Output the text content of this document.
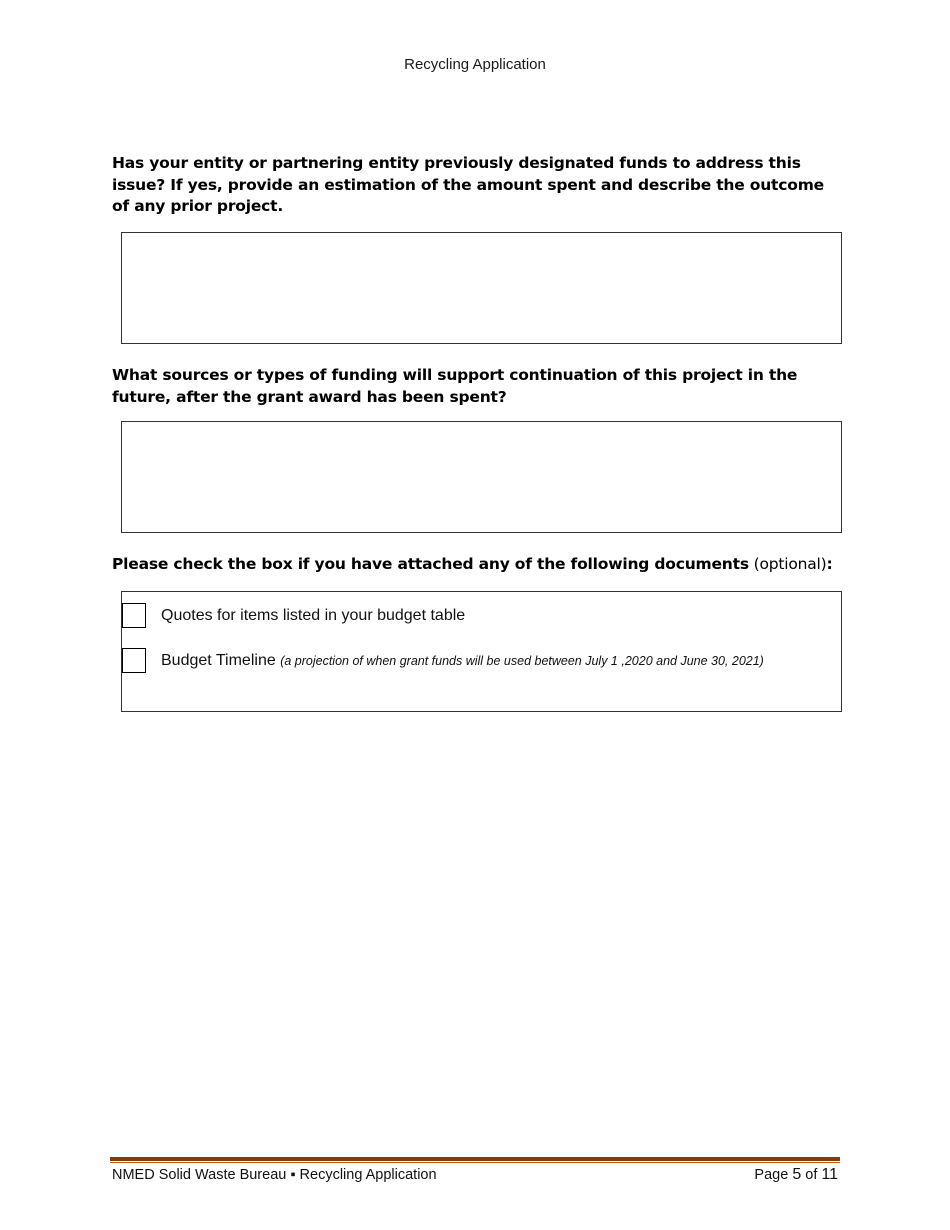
Recycling Application

Has your entity or partnering entity previously designated funds to address this issue? If yes, provide an estimation of the amount spent and describe the outcome of any prior project.

What sources or types of funding will support continuation of this project in the future, after the grant award has been spent?

Please check the box if you have attached any of the following documents (optional):

Quotes for items listed in your budget table
Budget Timeline (a projection of when grant funds will be used between July 1 ,2020 and June 30, 2021)
NMED Solid Waste Bureau ▪ Recycling Application	Page 5 of 11
